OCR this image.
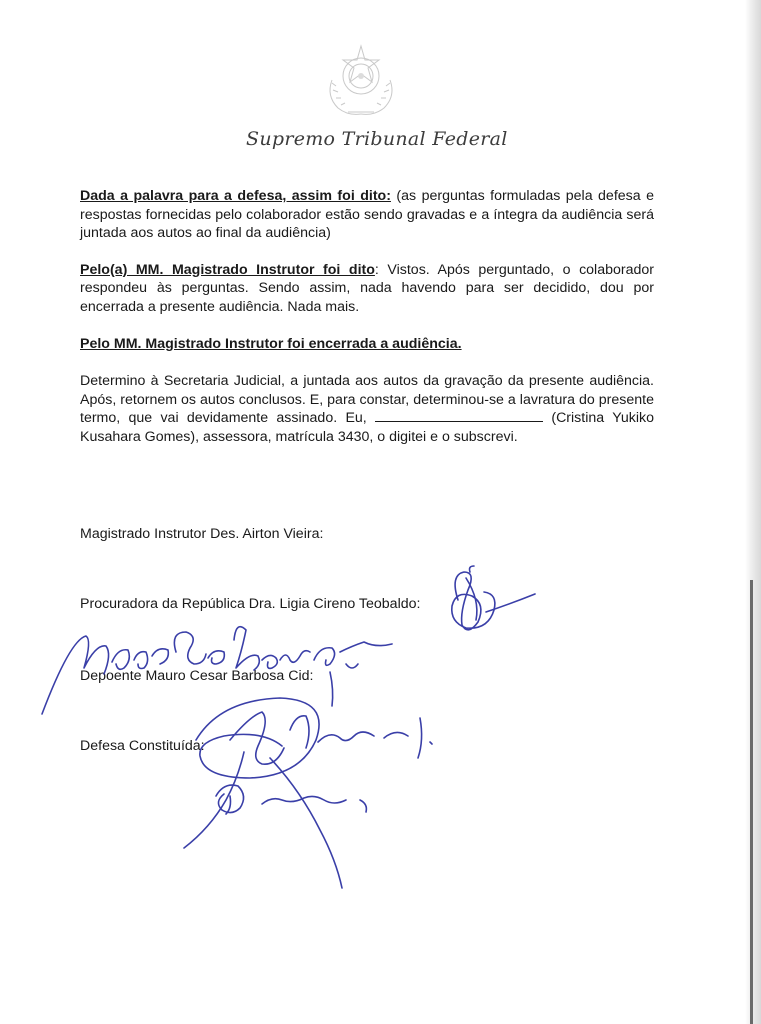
Supremo Tribunal Federal

Dada a palavra para a defesa, assim foi dito: (as perguntas formuladas pela defesa e respostas fornecidas pelo colaborador estão sendo gravadas e a íntegra da audiência será juntada aos autos ao final da audiência)

Pelo(a) MM. Magistrado Instrutor foi dito: Vistos. Após perguntado, o colaborador respondeu às perguntas. Sendo assim, nada havendo para ser decidido, dou por encerrada a presente audiência. Nada mais.

Pelo MM. Magistrado Instrutor foi encerrada a audiência.

Determino à Secretaria Judicial, a juntada aos autos da gravação da presente audiência. Após, retornem os autos conclusos. E, para constar, determinou-se a lavratura do presente termo, que vai devidamente assinado. Eu,	(Cristina Yukiko Kusahara Gomes), assessora, matrícula 3430, o digitei e o subscrevi.

Magistrado Instrutor Des. Airton Vieira:
Procuradora da República Dra. Ligia Cireno Teobaldo:
Depoente Mauro Cesar Barbosa Cid:
Defesa Constituída:
